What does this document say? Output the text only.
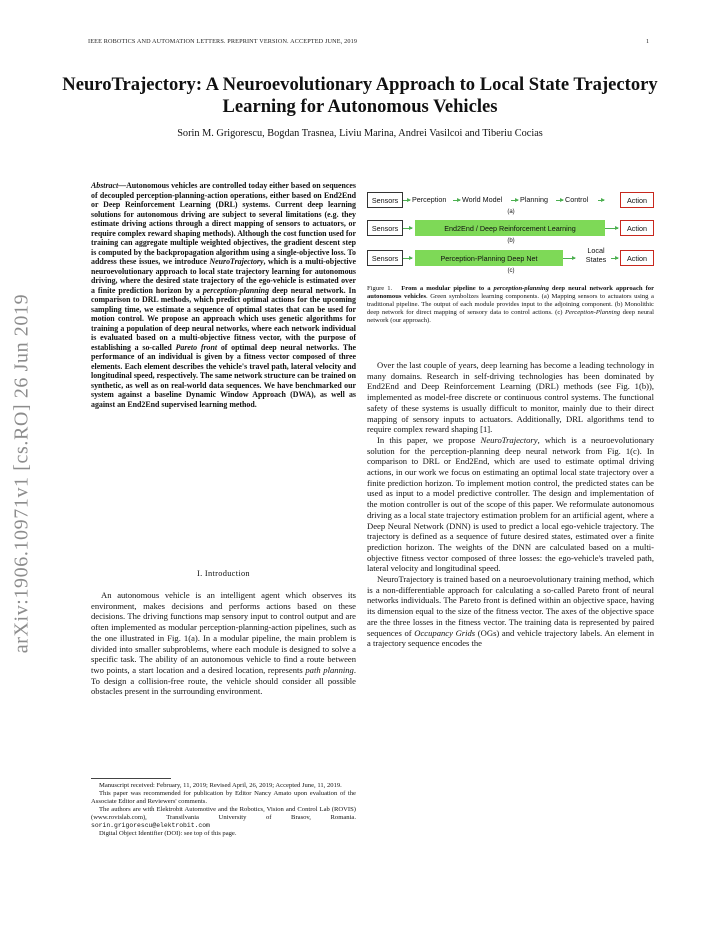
IEEE ROBOTICS AND AUTOMATION LETTERS. PREPRINT VERSION. ACCEPTED JUNE, 2019	1
arXiv:1906.10971v1 [cs.RO] 26 Jun 2019
NeuroTrajectory: A Neuroevolutionary Approach to Local State Trajectory Learning for Autonomous Vehicles
Sorin M. Grigorescu, Bogdan Trasnea, Liviu Marina, Andrei Vasilcoi and Tiberiu Cocias
Abstract—Autonomous vehicles are controlled today either based on sequences of decoupled perception-planning-action operations, either based on End2End or Deep Reinforcement Learning (DRL) systems. Current deep learning solutions for autonomous driving are subject to several limitations (e.g. they estimate driving actions through a direct mapping of sensors to actuators, or require complex reward shaping methods). Although the cost function used for training can aggregate multiple weighted objectives, the gradient descent step is computed by the backpropagation algorithm using a single-objective loss. To address these issues, we introduce NeuroTrajectory, which is a multi-objective neuroevolutionary approach to local state trajectory learning for autonomous driving, where the desired state trajectory of the ego-vehicle is estimated over a finite prediction horizon by a perception-planning deep neural network. In comparison to DRL methods, which predict optimal actions for the upcoming sampling time, we estimate a sequence of optimal states that can be used for motion control. We propose an approach which uses genetic algorithms for training a population of deep neural networks, where each network individual is evaluated based on a multi-objective fitness vector, with the purpose of establishing a so-called Pareto front of optimal deep neural networks. The performance of an individual is given by a fitness vector composed of three elements. Each element describes the vehicle's travel path, lateral velocity and longitudinal speed, respectively. The same network structure can be trained on synthetic, as well as on real-world data sequences. We have benchmarked our system against a baseline Dynamic Window Approach (DWA), as well as against an End2End supervised learning method.
I. Introduction

An autonomous vehicle is an intelligent agent which observes its environment, makes decisions and performs actions based on these decisions. The driving functions map sensory input to control output and are often implemented as modular perception-planning-action pipelines, such as the one illustrated in Fig. 1(a). In a modular pipeline, the main problem is divided into smaller subproblems, where each module is designed to solve a specific task. The ability of an autonomous vehicle to find a route between two points, a start location and a desired location, represents path planning. To design a collision-free route, the vehicle should consider all possible obstacles present in the surrounding environment.

Manuscript received: February, 11, 2019; Revised April, 26, 2019; Accepted June, 11, 2019.

This paper was recommended for publication by Editor Nancy Amato upon evaluation of the Associate Editor and Reviewers' comments.

The authors are with Elektrobit Automotive and the Robotics, Vision and Control Lab (ROVIS) (www.rovislab.com), Transilvania University of Brasov, Romania. sorin.grigorescu@elektrobit.com

Digital Object Identifier (DOI): see top of this page.

Sensors	Perception World Model Planning Control	Action
(a)
Sensors	End2End / Deep Reinforcement Learning	Action
(b)
Sensors	Perception-Planning Deep Net
Local
States	Action
(c)
Figure 1. From a modular pipeline to a perception-planning deep neural network approach for autonomous vehicles. Green symbolizes learning components. (a) Mapping sensors to actuators using a traditional pipeline. The output of each module provides input to the adjoining component. (b) Monolithic deep network for direct mapping of sensory data to control actions. (c) Perception-Planning deep neural network (our approach).

Over the last couple of years, deep learning has become a leading technology in many domains. Research in self-driving technologies has been dominated by End2End and Deep Reinforcement Learning (DRL) methods (see Fig. 1(b)), implemented as model-free discrete or continuous control systems. The functional safety of these systems is usually difficult to monitor, mainly due to their direct mapping of sensory inputs to actuators. Additionally, DRL algorithms tend to require complex reward shaping [1].

In this paper, we propose NeuroTrajectory, which is a neuroevolutionary solution for the perception-planning deep neural network from Fig. 1(c). In comparison to DRL or End2End, which are used to estimate optimal driving actions, in our work we focus on estimating an optimal local state trajectory over a finite prediction horizon. To implement motion control, the predicted states can be used as input to a model predictive controller. The design and implementation of the motion controller is out of the scope of this paper. We reformulate autonomous driving as a local state trajectory estimation problem for an artificial agent, where a Deep Neural Network (DNN) is used to predict a local ego-vehicle trajectory. The trajectory is defined as a sequence of future desired states, estimated over a finite prediction horizon. The weights of the DNN are calculated based on a multi-objective fitness vector composed of three losses: the ego-vehicle's traveled path, lateral velocity and longitudinal speed.

NeuroTrajectory is trained based on a neuroevolutionary training method, which is a non-differentiable approach for calculating a so-called Pareto front of neural networks individuals. The Pareto front is defined within an objective space, having its dimension equal to the size of the fitness vector. The axes of the objective space are the three losses in the fitness vector. The training data is represented by paired sequences of Occupancy Grids (OGs) and vehicle trajectory labels. An element in a trajectory sequence encodes the
